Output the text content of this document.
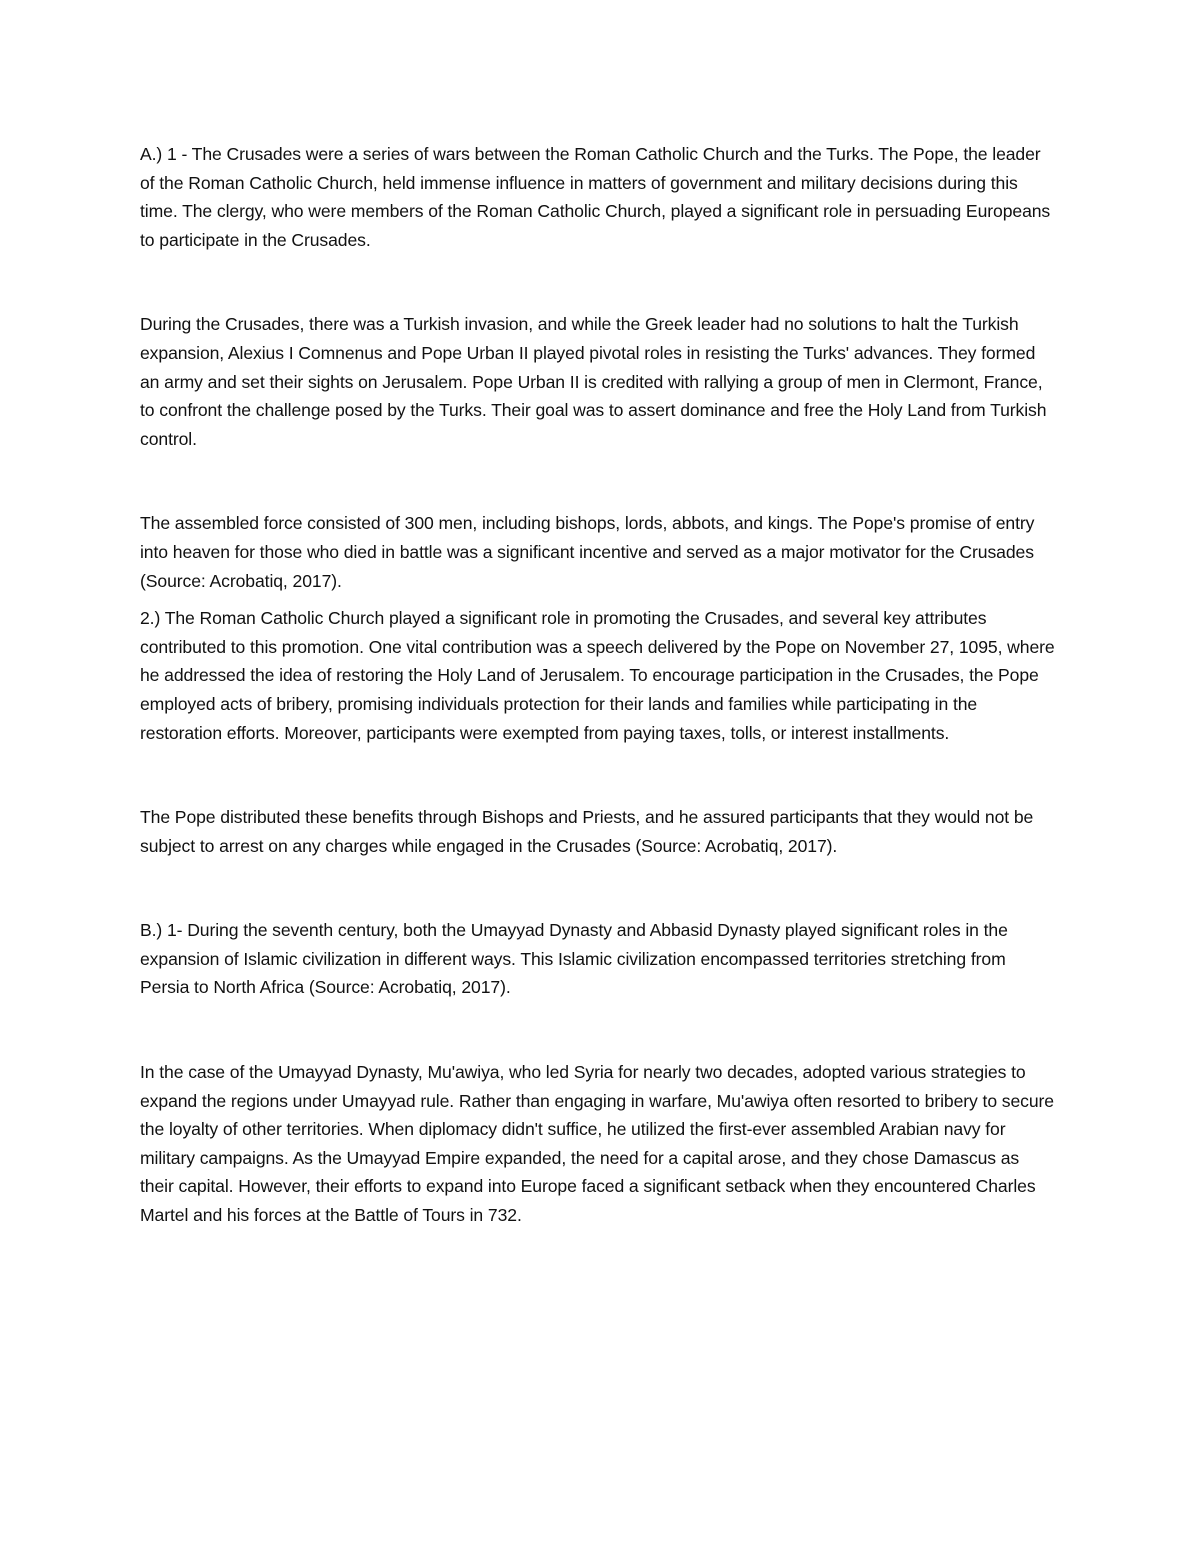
A.) 1 - The Crusades were a series of wars between the Roman Catholic Church and the Turks. The Pope, the leader of the Roman Catholic Church, held immense influence in matters of government and military decisions during this time. The clergy, who were members of the Roman Catholic Church, played a significant role in persuading Europeans to participate in the Crusades.

During the Crusades, there was a Turkish invasion, and while the Greek leader had no solutions to halt the Turkish expansion, Alexius I Comnenus and Pope Urban II played pivotal roles in resisting the Turks' advances. They formed an army and set their sights on Jerusalem. Pope Urban II is credited with rallying a group of men in Clermont, France, to confront the challenge posed by the Turks. Their goal was to assert dominance and free the Holy Land from Turkish control.

The assembled force consisted of 300 men, including bishops, lords, abbots, and kings. The Pope's promise of entry into heaven for those who died in battle was a significant incentive and served as a major motivator for the Crusades (Source: Acrobatiq, 2017).

2.) The Roman Catholic Church played a significant role in promoting the Crusades, and several key attributes contributed to this promotion. One vital contribution was a speech delivered by the Pope on November 27, 1095, where he addressed the idea of restoring the Holy Land of Jerusalem. To encourage participation in the Crusades, the Pope employed acts of bribery, promising individuals protection for their lands and families while participating in the restoration efforts. Moreover, participants were exempted from paying taxes, tolls, or interest installments.

The Pope distributed these benefits through Bishops and Priests, and he assured participants that they would not be subject to arrest on any charges while engaged in the Crusades (Source: Acrobatiq, 2017).

B.) 1- During the seventh century, both the Umayyad Dynasty and Abbasid Dynasty played significant roles in the expansion of Islamic civilization in different ways. This Islamic civilization encompassed territories stretching from Persia to North Africa (Source: Acrobatiq, 2017).

In the case of the Umayyad Dynasty, Mu'awiya, who led Syria for nearly two decades, adopted various strategies to expand the regions under Umayyad rule. Rather than engaging in warfare, Mu'awiya often resorted to bribery to secure the loyalty of other territories. When diplomacy didn't suffice, he utilized the first-ever assembled Arabian navy for military campaigns. As the Umayyad Empire expanded, the need for a capital arose, and they chose Damascus as their capital. However, their efforts to expand into Europe faced a significant setback when they encountered Charles Martel and his forces at the Battle of Tours in 732.
